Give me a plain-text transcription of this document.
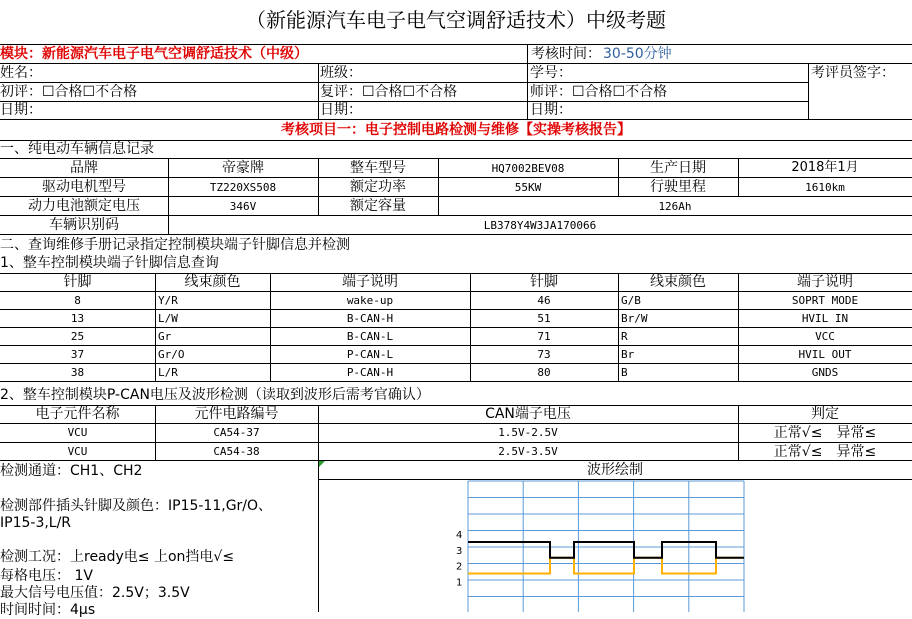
（新能源汽车电子电气空调舒适技术）中级考题
模块：新能源汽车电子电气空调舒适技术（中级）	考核时间： 30-50分钟
姓名：	班级：	学号：	考评员签字：
初评：☐合格☐不合格	复评：☐合格☐不合格	师评：☐合格☐不合格
日期：	日期：	日期：
考核项目一：电子控制电路检测与维修【实操考核报告】
一、纯电动车辆信息记录
品牌	帝豪牌	整车型号	HQ7002BEV08	生产日期	2018年1月
驱动电机型号	TZ220XS508	额定功率	55KW	行驶里程	1610km
动力电池额定电压	346V	额定容量	126Ah
车辆识别码	LB378Y4W3JA170066
二、查询维修手册记录指定控制模块端子针脚信息并检测
1、整车控制模块端子针脚信息查询
针脚	线束颜色	端子说明	针脚	线束颜色	端子说明
8	Y/R	wake-up	46	G/B	SOPRT MODE
13	L/W	B-CAN-H	51	Br/W	HVIL IN
25	Gr	B-CAN-L	71	R	VCC
37	Gr/O	P-CAN-L	73	Br	HVIL OUT
38	L/R	P-CAN-H	80	B	GNDS
2、整车控制模块P-CAN电压及波形检测（读取到波形后需考官确认）
电子元件名称	元件电路编号	CAN端子电压	判定
VCU	CA54-37	1.5V-2.5V	正常√≤　异常≤
VCU	CA54-38	2.5V-3.5V	正常√≤　异常≤
检测通道：CH1、CH2
检测部件插头针脚及颜色：IP15-11,Gr/O、
IP15-3,L/R
检测工况：上ready电≤ 上on挡电√≤
每格电压： 1V
最大信号电压值：2.5V；3.5V
时间时间：4μs
波形绘制
4
3
2
1
